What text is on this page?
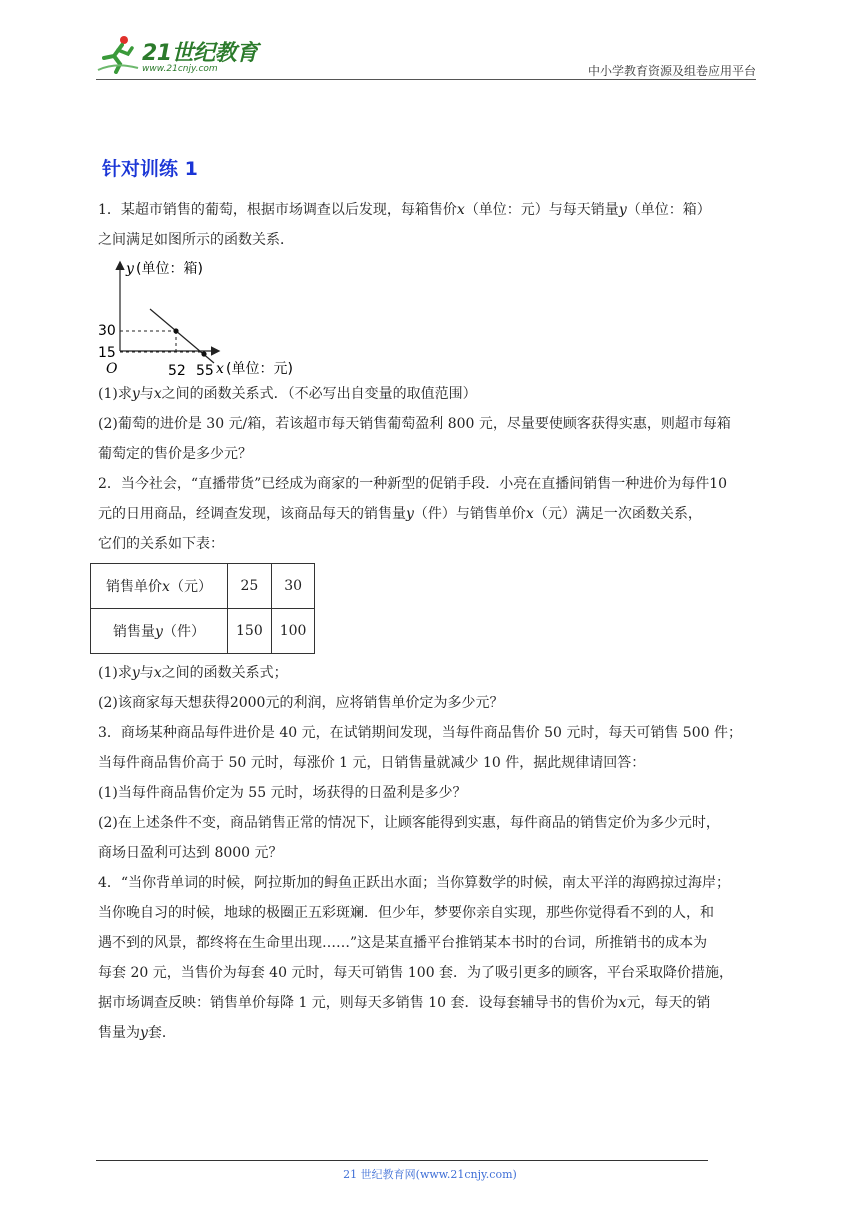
21世纪教育
www.21cnjy.com	中小学教育资源及组卷应用平台
针对训练 1

1．某超市销售的葡萄，根据市场调查以后发现，每箱售价x（单位：元）与每天销量y（单位：箱）

之间满足如图所示的函数关系．

y (单位：箱)
30
15
O	52 55 x (单位：元)

(1)求y与x之间的函数关系式．（不必写出自变量的取值范围）

(2)葡萄的进价是 30 元/箱，若该超市每天销售葡萄盈利 800 元，尽量要使顾客获得实惠，则超市每箱

葡萄定的售价是多少元？

2．当今社会，“直播带货”已经成为商家的一种新型的促销手段．小亮在直播间销售一种进价为每件10

元的日用商品，经调查发现，该商品每天的销售量y（件）与销售单价x（元）满足一次函数关系，

它们的关系如下表：

销售单价x（元）	25	30
销售量y（件）	150	100

(1)求y与x之间的函数关系式；

(2)该商家每天想获得2000元的利润，应将销售单价定为多少元？

3．商场某种商品每件进价是 40 元，在试销期间发现，当每件商品售价 50 元时，每天可销售 500 件；

当每件商品售价高于 50 元时，每涨价 1 元，日销售量就减少 10 件，据此规律请回答：

(1)当每件商品售价定为 55 元时，场获得的日盈利是多少？

(2)在上述条件不变，商品销售正常的情况下，让顾客能得到实惠，每件商品的销售定价为多少元时，

商场日盈利可达到 8000 元？

4．“当你背单词的时候，阿拉斯加的鲟鱼正跃出水面；当你算数学的时候，南太平洋的海鸥掠过海岸；

当你晚自习的时候，地球的极圈正五彩斑斓．但少年，梦要你亲自实现，那些你觉得看不到的人，和

遇不到的风景，都终将在生命里出现……”这是某直播平台推销某本书时的台词，所推销书的成本为

每套 20 元，当售价为每套 40 元时，每天可销售 100 套．为了吸引更多的顾客，平台采取降价措施，

据市场调查反映：销售单价每降 1 元，则每天多销售 10 套．设每套辅导书的售价为x元，每天的销

售量为y套．

21 世纪教育网(www.21cnjy.com)
